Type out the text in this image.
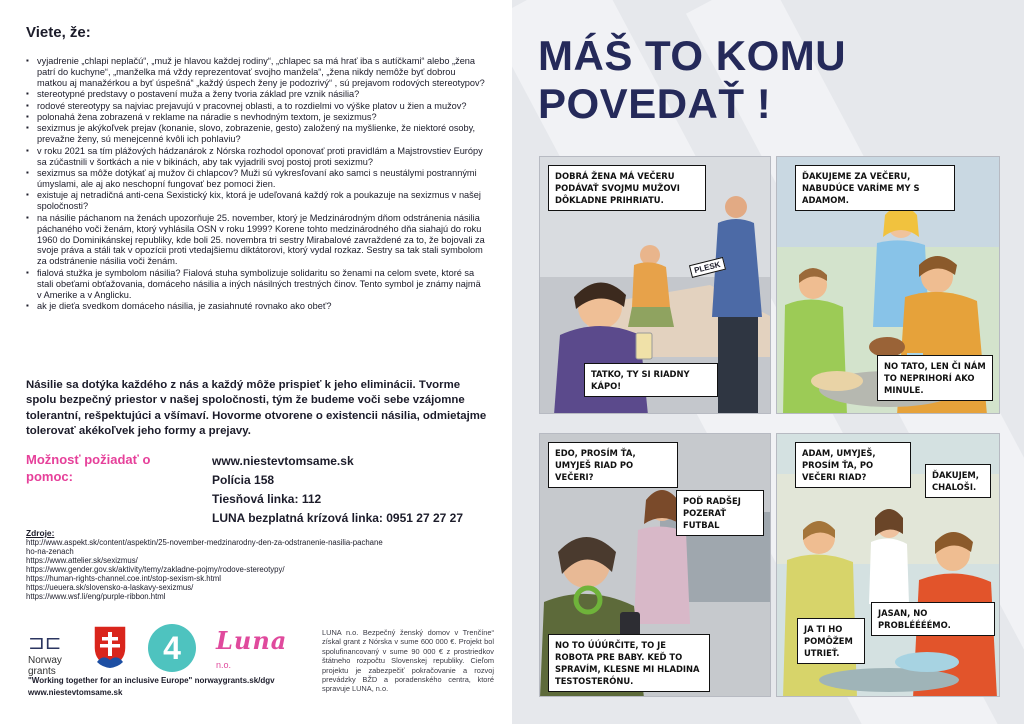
Viete, že:
▪ vyjadrenie „chlapi neplačú“, „muž je hlavou každej rodiny“, „chlapec sa má hrať iba s autíčkami“ alebo „žena patrí do kuchyne“, „manželka má vždy reprezentovať svojho manžela“, „žena nikdy nemôže byť dobrou matkou aj manažérkou a byť úspešná“ „každý úspech ženy je podozrivý“ , sú prejavom rodových stereotypov?
▪ stereotypné predstavy o postavení muža a ženy tvoria základ pre vznik násilia?
▪ rodové stereotypy sa najviac prejavujú v pracovnej oblasti, a to rozdielmi vo výške platov u žien a mužov?
▪ polonahá žena zobrazená v reklame na náradie s nevhodným textom, je sexizmus?
▪ sexizmus je akýkoľvek prejav (konanie, slovo, zobrazenie, gesto) založený na myšlienke, že niektoré osoby, prevažne ženy, sú menejcenné kvôli ich pohlaviu?
▪ v roku 2021 sa tím plážových hádzanárok z Nórska rozhodol oponovať proti pravidlám a Majstrovstiev Európy sa zúčastnili v šortkách a nie v bikinách, aby tak vyjadrili svoj postoj proti sexizmu?
▪ sexizmus sa môže dotýkať aj mužov či chlapcov? Muži sú vykresľovaní ako samci s neustálymi postrannými úmyslami, ale aj ako neschopní fungovať bez pomoci žien.
▪ existuje aj netradičná anti-cena Sexistický kix, ktorá je udeľovaná každý rok a poukazuje na sexizmus v našej spoločnosti?
▪ na násilie páchanom na ženách upozorňuje 25. november, ktorý je Medzinárodným dňom odstránenia násilia páchaného voči ženám, ktorý vyhlásila OSN v roku 1999? Korene tohto medzinárodného dňa siahajú do roku 1960 do Dominikánskej republiky, kde boli 25. novembra tri sestry Mirabalové zavraždené za to, že bojovali za svoje práva a stáli tak v opozícii proti vtedajšiemu diktátorovi, ktorý vydal rozkaz. Sestry sa tak stali symbolom za odstránenie násilia voči ženám.
▪ fialová stužka je symbolom násilia? Fialová stuha symbolizuje solidaritu so ženami na celom svete, ktoré sa stali obeťami obťažovania, domáceho násilia a iných násilných trestných činov. Tento symbol je známy najmä v Amerike a v Anglicku.
▪ ak je dieťa svedkom domáceho násilia, je zasiahnuté rovnako ako obeť?

Násilie sa dotýka každého z nás a každý môže prispieť k jeho eliminácii. Tvorme spolu bezpečný priestor v našej spoločnosti, tým že budeme voči sebe vzájomne tolerantní, rešpektujúci a všímaví. Hovorme otvorene o existencii násilia, odmietajme tolerovať akékoľvek jeho formy a prejavy.

Možnosť požiadať o pomoc:
www.niestevtomsame.sk
Polícia 158
Tiesňová linka: 112
LUNA bezplatná krízová linka: 0951 27 27 27
Zdroje:
http://www.aspekt.sk/content/aspektin/25-november-medzinarodny-den-za-odstranenie-nasilia-pachane
ho-na-zenach
https://www.attelier.sk/sexizmus/
https://www.gender.gov.sk/aktivity/temy/zakladne-pojmy/rodove-stereotypy/
https://human-rights-channel.coe.int/stop-sexism-sk.html
https://ueuera.sk/slovensko-a-laskavy-sexizmus/
https://www.wsf.li/eng/purple-ribbon.html
⊐⊏
Norway
grants
4	Luna n.o.

LUNA n.o. Bezpečný ženský domov v Trenčíne“ získal grant z Nórska v sume 600 000 €. Projekt bol spolufinancovaný v sume 90 000 € z prostriedkov štátneho rozpočtu Slovenskej republiky. Cieľom projektu je zabezpečiť pokračovanie a rozvoj prevádzky BŽD a poradenského centra, ktoré spravuje LUNA, n.o.

"Working together for an inclusive Europe" norwaygrants.sk/dgv
www.niestevtomsame.sk
MÁŠ TO KOMU
POVEDAŤ !
DOBRÁ ŽENA MÁ VEČERU PODÁVAŤ SVOJMU MUŽOVI DÔKLADNE PRIHRIATU.
PLESK
TATKO, TY SI RIADNY KÁPO!
ĎAKUJEME ZA VEČERU, NABUDÚCE VARÍME MY S ADAMOM.
NO TATO, LEN ČI NÁM TO NEPRIHORÍ AKO MINULE.
EDO, PROSÍM ŤA, UMYJEŠ RIAD PO VEČERI?
POĎ RADŠEJ POZERAŤ FUTBAL
NO TO ÚÚÚRČITE, TO JE ROBOTA PRE BABY. KEĎ TO SPRAVÍM, KLESNE MI HLADINA TESTOSTERÓNU.
ADAM, UMYJEŠ, PROSÍM ŤA, PO VEČERI RIAD?	ĎAKUJEM, CHALOŠI.
JASAN, NO PROBLÉÉÉÉMO.
JA TI HO POMÔŽEM UTRIEŤ.
